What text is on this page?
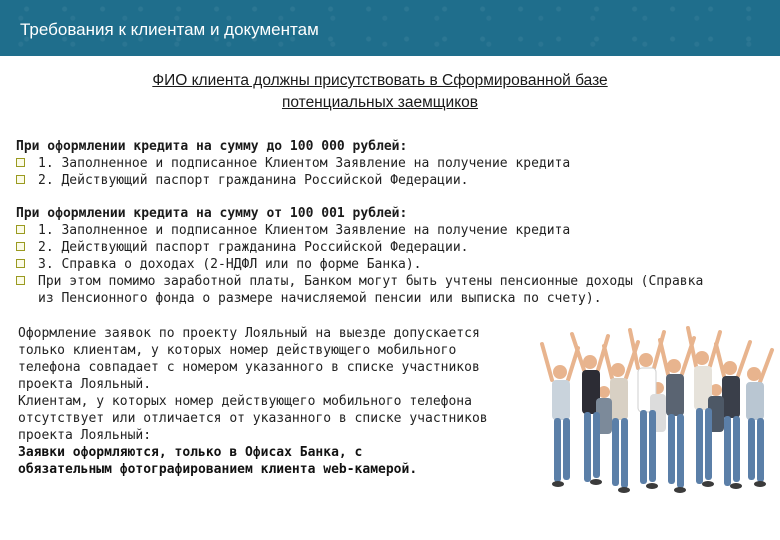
Требования к клиентам и документам
ФИО клиента должны присутствовать в Сформированной базе
потенциальных заемщиков
При оформлении кредита на сумму до 100 000 рублей:
1. Заполненное и подписанное Клиентом Заявление на получение кредита
2. Действующий паспорт гражданина Российской Федерации.
При оформлении кредита на сумму от 100 001 рублей:
1. Заполненное и подписанное Клиентом Заявление на получение кредита
2. Действующий паспорт гражданина Российской Федерации.
3. Справка о доходах (2-НДФЛ или по форме Банка).
При этом помимо заработной платы, Банком могут быть учтены пенсионные доходы (Справка
из Пенсионного фонда о размере начисляемой пенсии или выписка по счету).
Оформление заявок по проекту Лояльный на выезде допускается
только клиентам, у которых номер действующего мобильного
телефона совпадает с номером указанного в списке участников
проекта Лояльный.
Клиентам, у которых номер действующего мобильного телефона
отсутствует или отличается от указанного в списке участников
проекта Лояльный:
Заявки оформляются, только в Офисах Банка, с
обязательным фотографированием клиента web-камерой.
